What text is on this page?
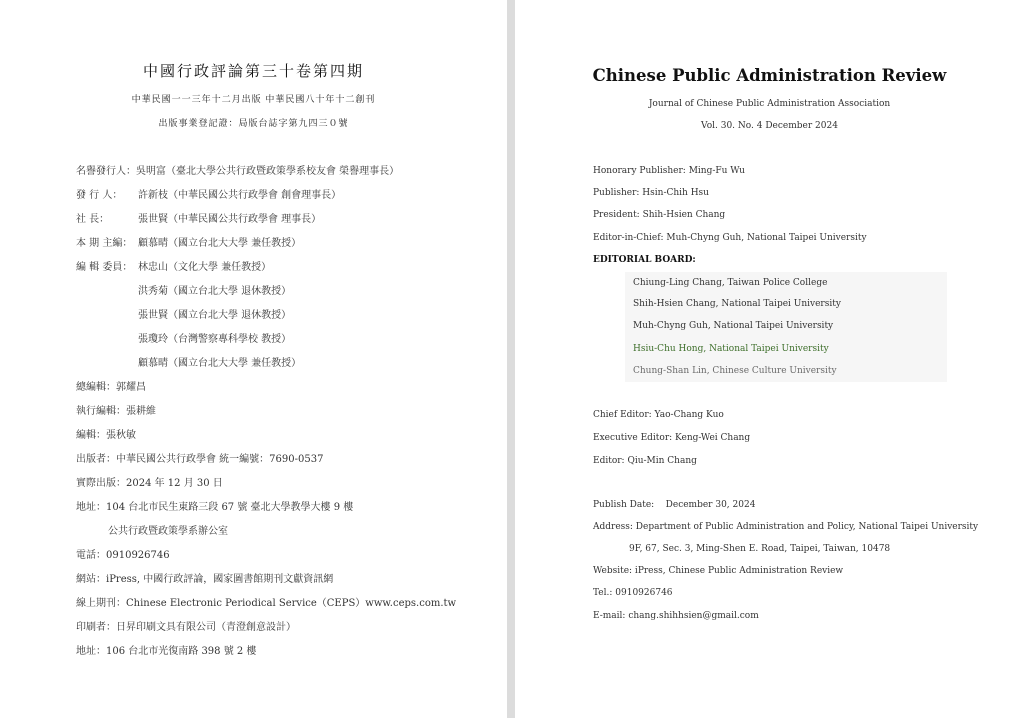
中國行政評論第三十卷第四期
中華民國一一三年十二月出版 中華民國八十年十二創刊
出版事業登記證：局版台誌字第九四三０號
名譽發行人：吳明富（臺北大學公共行政暨政策學系校友會 榮譽理事長）
發 行 人： 許新枝（中華民國公共行政學會 創會理事長）
社 長：	張世賢（中華民國公共行政學會 理事長）
本 期 主編： 顧慕晴（國立台北大大學 兼任教授）
編 輯 委員： 林忠山（文化大學 兼任教授）
洪秀菊（國立台北大學 退休教授）
張世賢（國立台北大學 退休教授）
張瓊玲（台灣警察專科學校 教授）
顧慕晴（國立台北大大學 兼任教授）
總編輯：郭耀昌
執行編輯：張耕維
編輯：張秋敏
出版者：中華民國公共行政學會 統一編號：7690-0537
實際出版：2024 年 12 月 30 日
地址：104 台北市民生東路三段 67 號 臺北大學教學大樓 9 樓
公共行政暨政策學系辦公室
電話：0910926746
網站：iPress, 中國行政評論，國家圖書館期刊文獻資訊網
線上期刊：Chinese Electronic Periodical Service（CEPS）www.ceps.com.tw
印刷者：日昇印刷文具有限公司（青澄創意設計）
地址：106 台北市光復南路 398 號 2 樓
Chinese Public Administration Review
Journal of Chinese Public Administration Association
Vol. 30. No. 4 December 2024
Honorary Publisher: Ming-Fu Wu
Publisher: Hsin-Chih Hsu
President: Shih-Hsien Chang
Editor-in-Chief: Muh-Chyng Guh, National Taipei University
EDITORIAL BOARD:
Chiung-Ling Chang, Taiwan Police College
Shih-Hsien Chang, National Taipei University
Muh-Chyng Guh, National Taipei University
Hsiu-Chu Hong, National Taipei University
Chung-Shan Lin, Chinese Culture University
Chief Editor: Yao-Chang Kuo
Executive Editor: Keng-Wei Chang
Editor: Qiu-Min Chang
Publish Date:    December 30, 2024
Address: Department of Public Administration and Policy, National Taipei University
9F, 67, Sec. 3, Ming-Shen E. Road, Taipei, Taiwan, 10478
Website: iPress, Chinese Public Administration Review
Tel.: 0910926746
E-mail: chang.shihhsien@gmail.com
